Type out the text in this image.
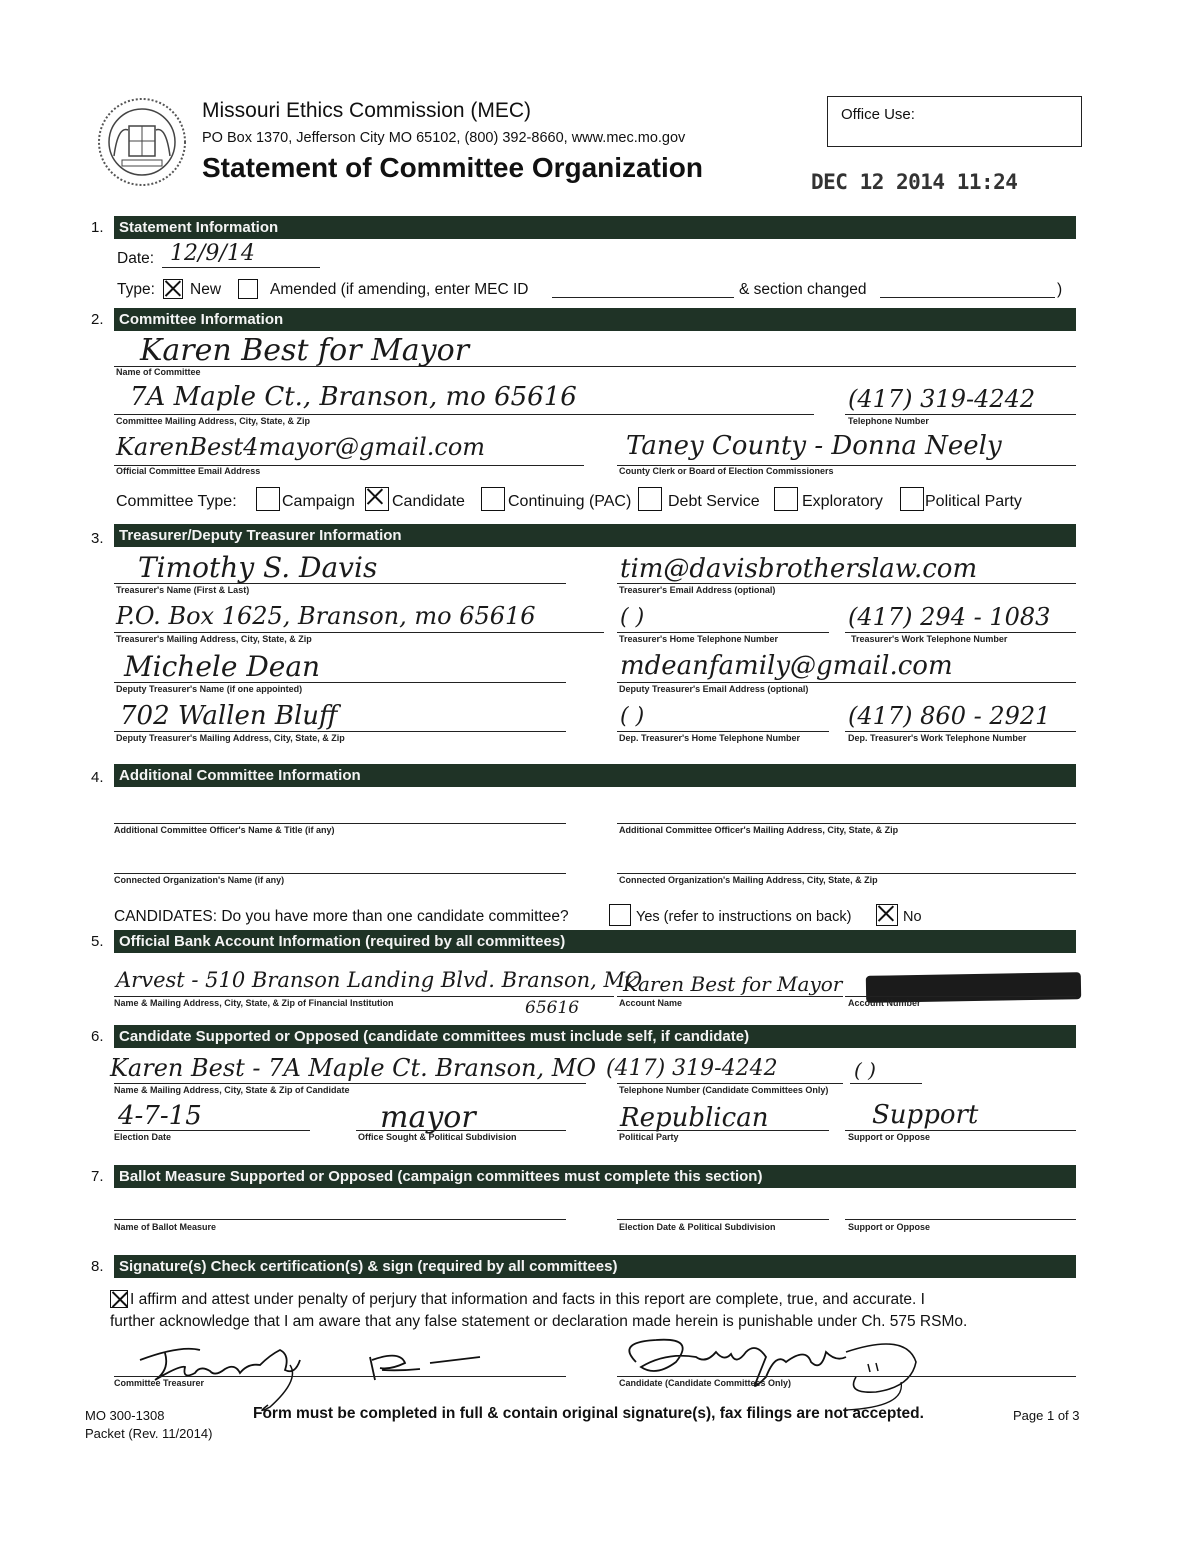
Missouri Ethics Commission (MEC)
PO Box 1370, Jefferson City MO 65102, (800) 392-8660, www.mec.mo.gov
Statement of Committee Organization
Office Use:
DEC 12 2014 11:24
1.	Statement Information
Date: 12/9/14
Type: New	Amended (if amending, enter MEC ID	& section changed	)
2.	Committee Information
Karen Best for Mayor
Name of Committee
7A Maple Ct., Branson, mo 65616
Committee Mailing Address, City, State, & Zip
(417) 319-4242
Telephone Number
KarenBest4mayor@gmail.com
Official Committee Email Address
Taney County - Donna Neely
County Clerk or Board of Election Commissioners
Committee Type:	Campaign Candidate	Continuing (PAC) Debt Service	Exploratory	Political Party
3.	Treasurer/Deputy Treasurer Information
Timothy S. Davis
Treasurer's Name (First & Last)
tim@davisbrotherslaw.com
Treasurer's Email Address (optional)
P.O. Box 1625, Branson, mo 65616
Treasurer's Mailing Address, City, State, & Zip
( )
Treasurer's Home Telephone Number
(417) 294 - 1083
Treasurer's Work Telephone Number
Michele Dean
Deputy Treasurer's Name (if one appointed)
mdeanfamily@gmail.com
Deputy Treasurer's Email Address (optional)
702 Wallen Bluff
Deputy Treasurer's Mailing Address, City, State, & Zip
( )
Dep. Treasurer's Home Telephone Number
(417) 860 - 2921
Dep. Treasurer's Work Telephone Number
4.	Additional Committee Information
Additional Committee Officer's Name & Title (if any)	Additional Committee Officer's Mailing Address, City, State, & Zip
Connected Organization's Name (if any)	Connected Organization's Mailing Address, City, State, & Zip
CANDIDATES: Do you have more than one candidate committee?	Yes (refer to instructions on back)	No
5.	Official Bank Account Information (required by all committees)
Arvest - 510 Branson Landing Blvd. Branson, MO
65616
Name & Mailing Address, City, State, & Zip of Financial Institution
Karen Best for Mayor
Account Name	Account Number
6.	Candidate Supported or Opposed (candidate committees must include self, if candidate)
Karen Best - 7A Maple Ct. Branson, MO
Name & Mailing Address, City, State & Zip of Candidate
(417) 319-4242	( )
Telephone Number (Candidate Committees Only)
4-7-15
Election Date
mayor
Office Sought & Political Subdivision
Republican
Political Party
Support
Support or Oppose
7.	Ballot Measure Supported or Opposed (campaign committees must complete this section)
Name of Ballot Measure	Election Date & Political Subdivision	Support or Oppose
8.	Signature(s) Check certification(s) & sign (required by all committees)
I affirm and attest under penalty of perjury that information and facts in this report are complete, true, and accurate. I
further acknowledge that I am aware that any false statement or declaration made herein is punishable under Ch. 575 RSMo.
Committee Treasurer	Candidate (Candidate Committees Only)
MO 300-1308
Packet (Rev. 11/2014)
Form must be completed in full & contain original signature(s), fax filings are not accepted.	Page 1 of 3
